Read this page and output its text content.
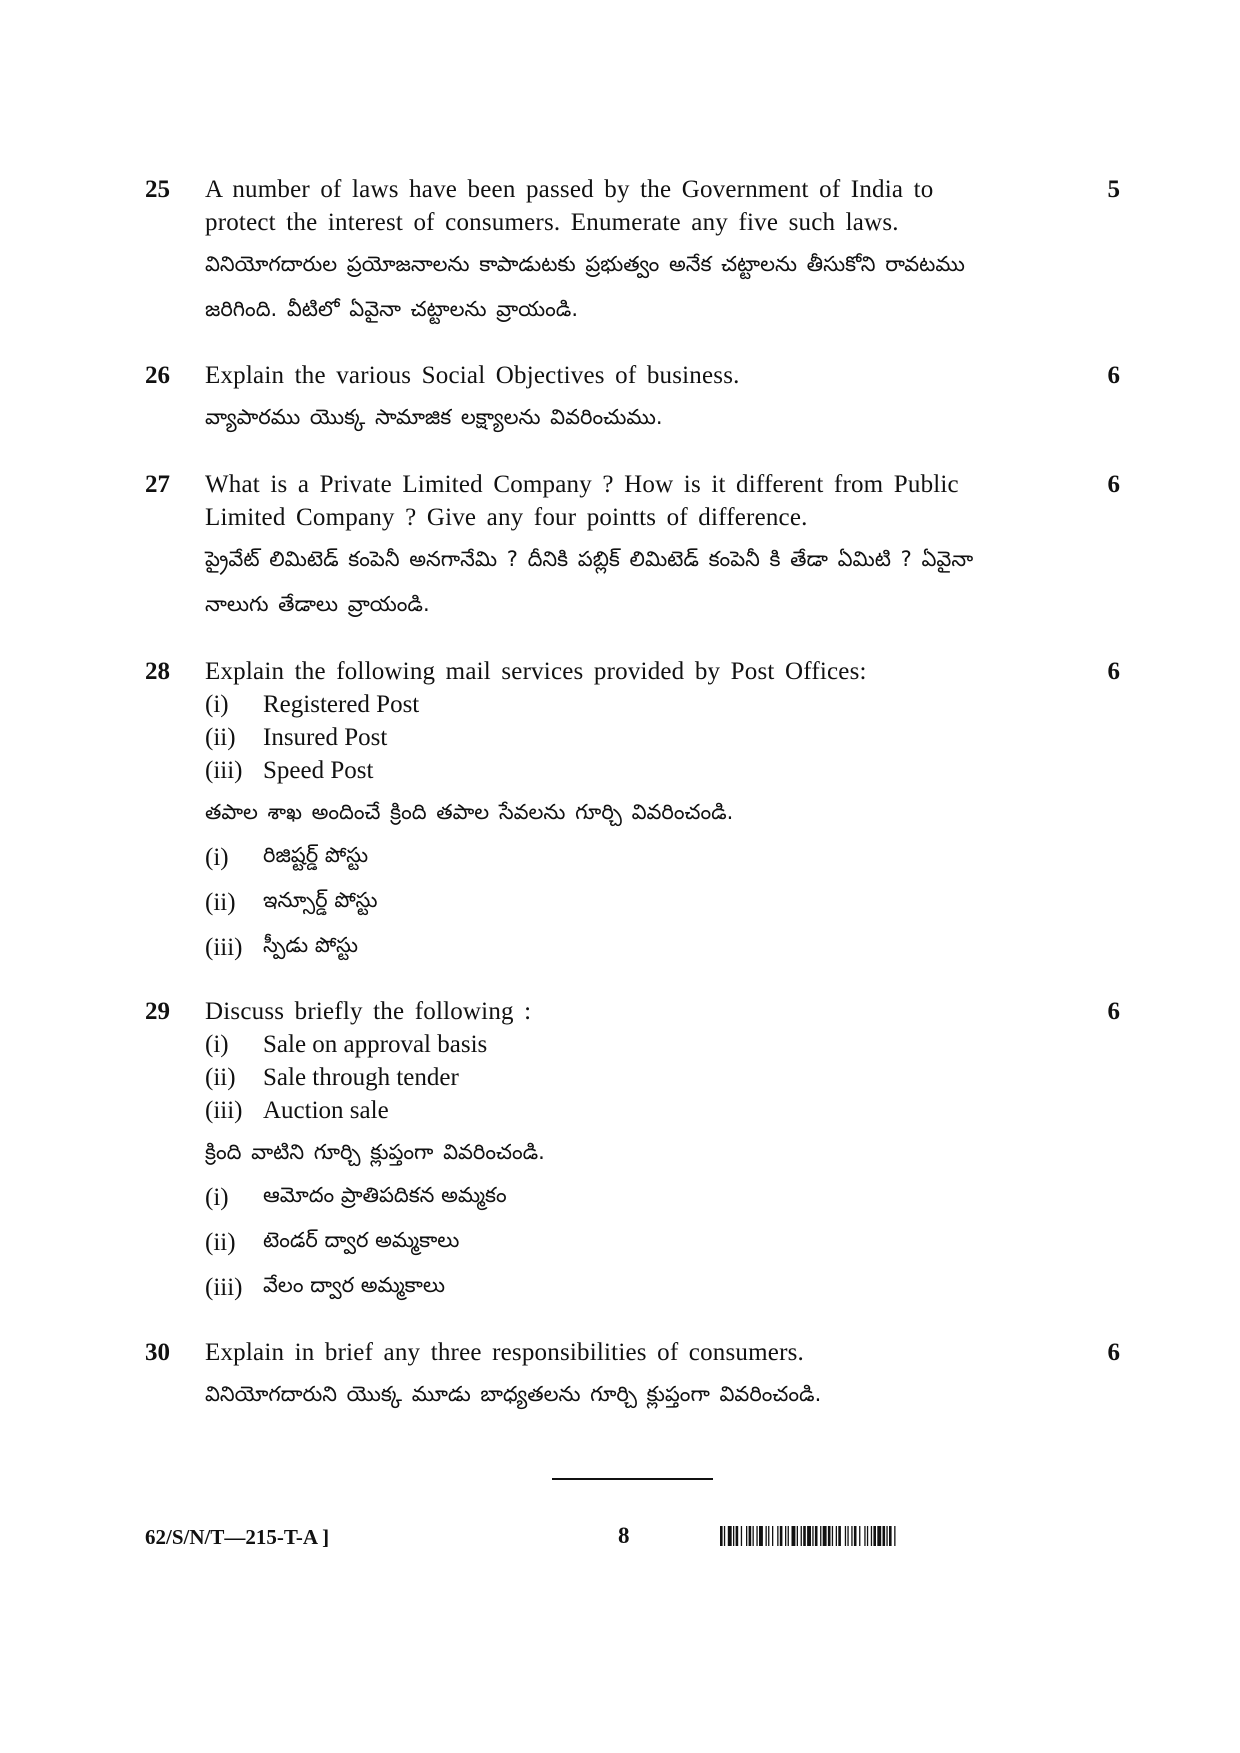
25	5

A number of laws have been passed by the Government of India to

protect the interest of consumers. Enumerate any five such laws.

వినియోగదారుల ప్రయోజనాలను కాపాడుటకు ప్రభుత్వం అనేక చట్టాలను తీసుకోని రావటము

జరిగింది. వీటిలో ఏవైనా చట్టాలను వ్రాయండి.

26	6

Explain the various Social Objectives of business.

వ్యాపారము యొక్క సామాజిక లక్ష్యాలను వివరించుము.

27	6

What is a Private Limited Company ? How is it different from Public

Limited Company ? Give any four pointts of difference.

ప్రైవేట్ లిమిటెడ్ కంపెనీ అనగానేమి ? దీనికి పబ్లిక్ లిమిటెడ్ కంపెనీ కి తేడా ఏమిటి ? ఏవైనా

నాలుగు తేడాలు వ్రాయండి.

28	6

Explain the following mail services provided by Post Offices:

(i)	Registered Post
(ii)	Insured Post
(iii) Speed Post

తపాల శాఖ అందించే క్రింది తపాల సేవలను గూర్చి వివరించండి.

(i)	రిజిష్టర్డ్ పోస్టు
(ii)	ఇన్సూర్డ్ పోస్టు
(iii) స్పీడు పోస్టు
29	6

Discuss briefly the following :

(i)	Sale on approval basis
(ii)	Sale through tender
(iii) Auction sale

క్రింది వాటిని గూర్చి క్లుప్తంగా వివరించండి.

(i)	ఆమోదం ప్రాతిపదికన అమ్మకం
(ii)	టెండర్ ద్వార అమ్మకాలు
(iii) వేలం ద్వార అమ్మకాలు
30	6

Explain in brief any three responsibilities of consumers.

వినియోగదారుని యొక్క మూడు బాధ్యతలను గూర్చి క్లుప్తంగా వివరించండి.

62/S/N/T—215-T-A ]	8
